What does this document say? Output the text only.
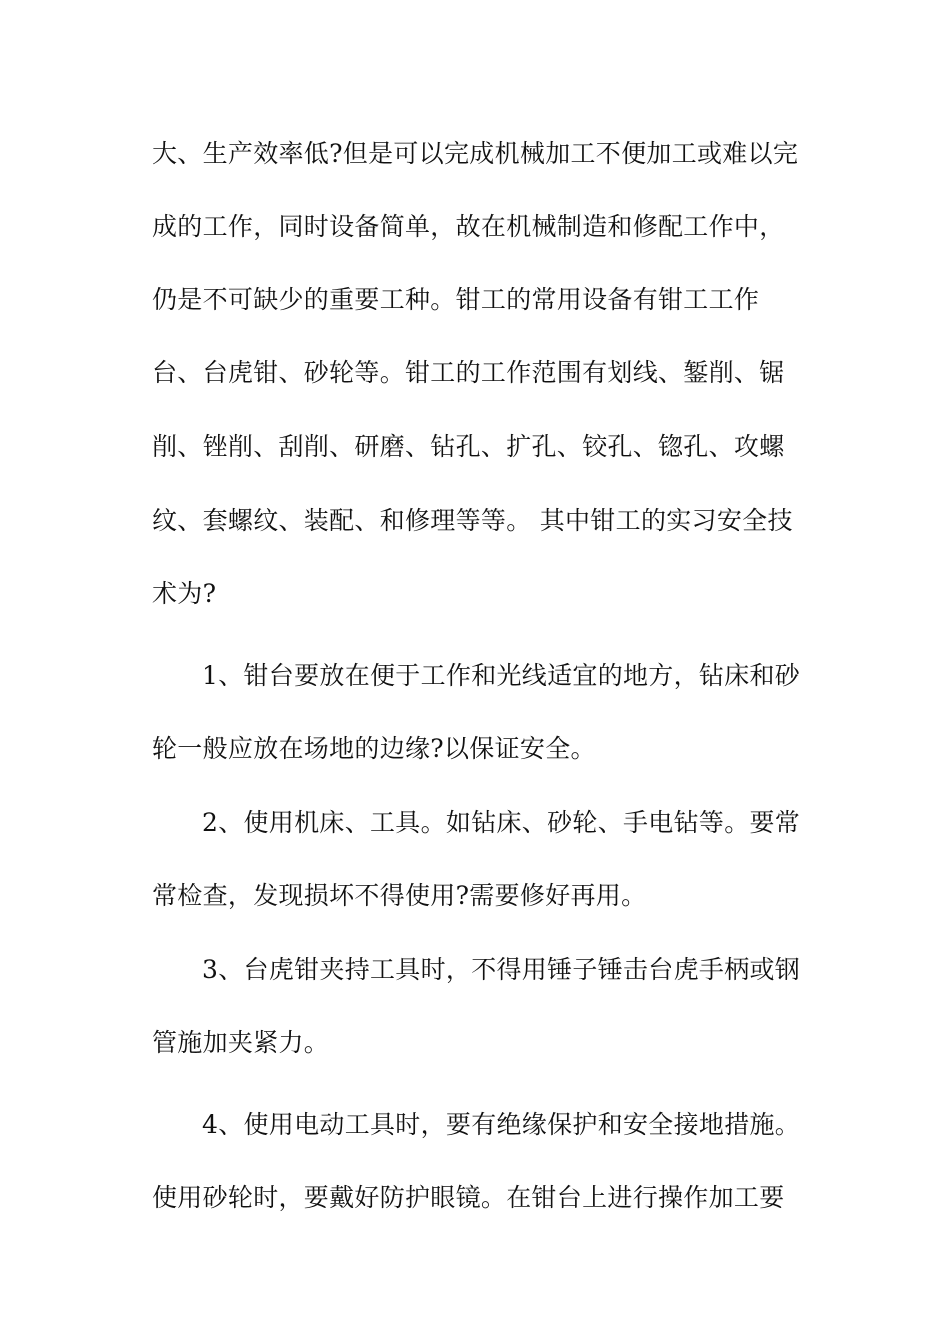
大、生产效率低?但是可以完成机械加工不便加工或难以完
成的工作，同时设备简单，故在机械制造和修配工作中，
仍是不可缺少的重要工种。钳工的常用设备有钳工工作
台、台虎钳、砂轮等。钳工的工作范围有划线、錾削、锯
削、锉削、刮削、研磨、钻孔、扩孔、铰孔、锪孔、攻螺
纹、套螺纹、装配、和修理等等。 其中钳工的实习安全技
术为?
1、钳台要放在便于工作和光线适宜的地方，钻床和砂
轮一般应放在场地的边缘?以保证安全。
2、使用机床、工具。如钻床、砂轮、手电钻等。要常
常检查，发现损坏不得使用?需要修好再用。
3、台虎钳夹持工具时，不得用锤子锤击台虎手柄或钢
管施加夹紧力。
4、使用电动工具时，要有绝缘保护和安全接地措施。
使用砂轮时，要戴好防护眼镜。在钳台上进行操作加工要
